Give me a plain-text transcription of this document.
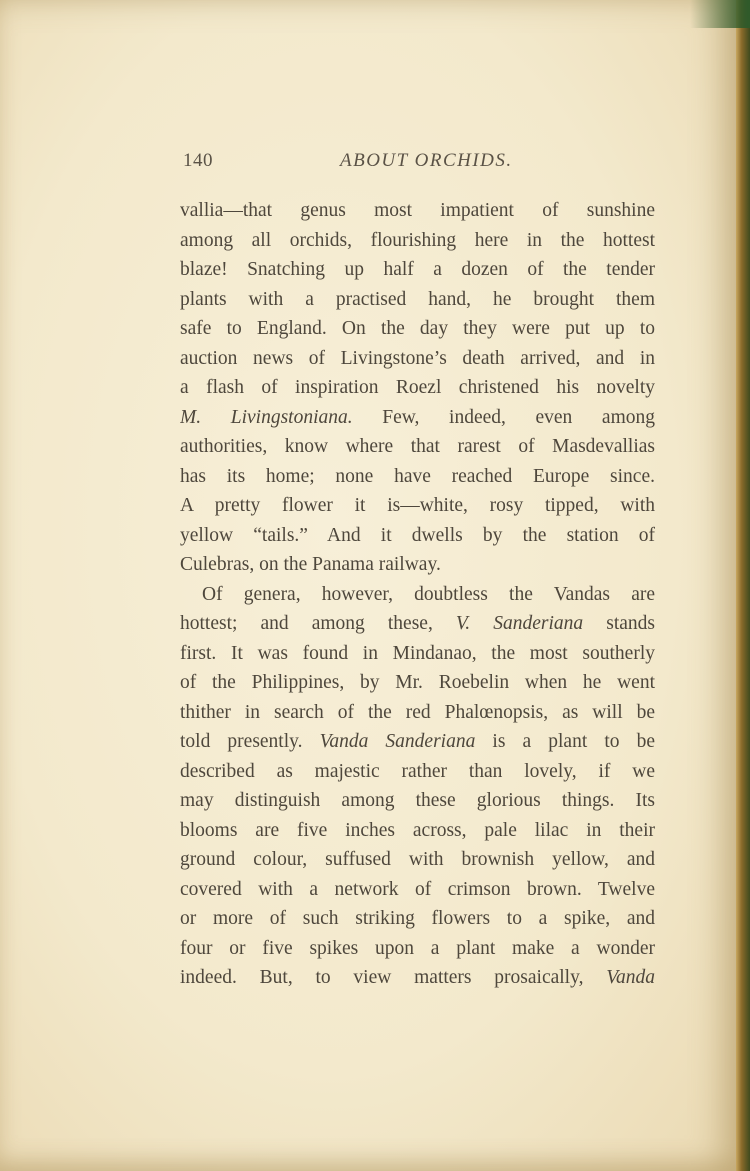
140	ABOUT ORCHIDS.
vallia—that genus most impatient of sunshine
among all orchids, flourishing here in the hottest
blaze! Snatching up half a dozen of the tender
plants with a practised hand, he brought them
safe to England. On the day they were put up to
auction news of Livingstone’s death arrived, and in
a flash of inspiration Roezl christened his novelty
M. Livingstoniana. Few, indeed, even among
authorities, know where that rarest of Masdevallias
has its home; none have reached Europe since.
A pretty flower it is—white, rosy tipped, with
yellow “tails.” And it dwells by the station of
Culebras, on the Panama railway.
Of genera, however, doubtless the Vandas are
hottest; and among these, V. Sanderiana stands
first. It was found in Mindanao, the most southerly
of the Philippines, by Mr. Roebelin when he went
thither in search of the red Phalœnopsis, as will be
told presently. Vanda Sanderiana is a plant to be
described as majestic rather than lovely, if we
may distinguish among these glorious things. Its
blooms are five inches across, pale lilac in their
ground colour, suffused with brownish yellow, and
covered with a network of crimson brown. Twelve
or more of such striking flowers to a spike, and
four or five spikes upon a plant make a wonder
indeed. But, to view matters prosaically, Vanda
